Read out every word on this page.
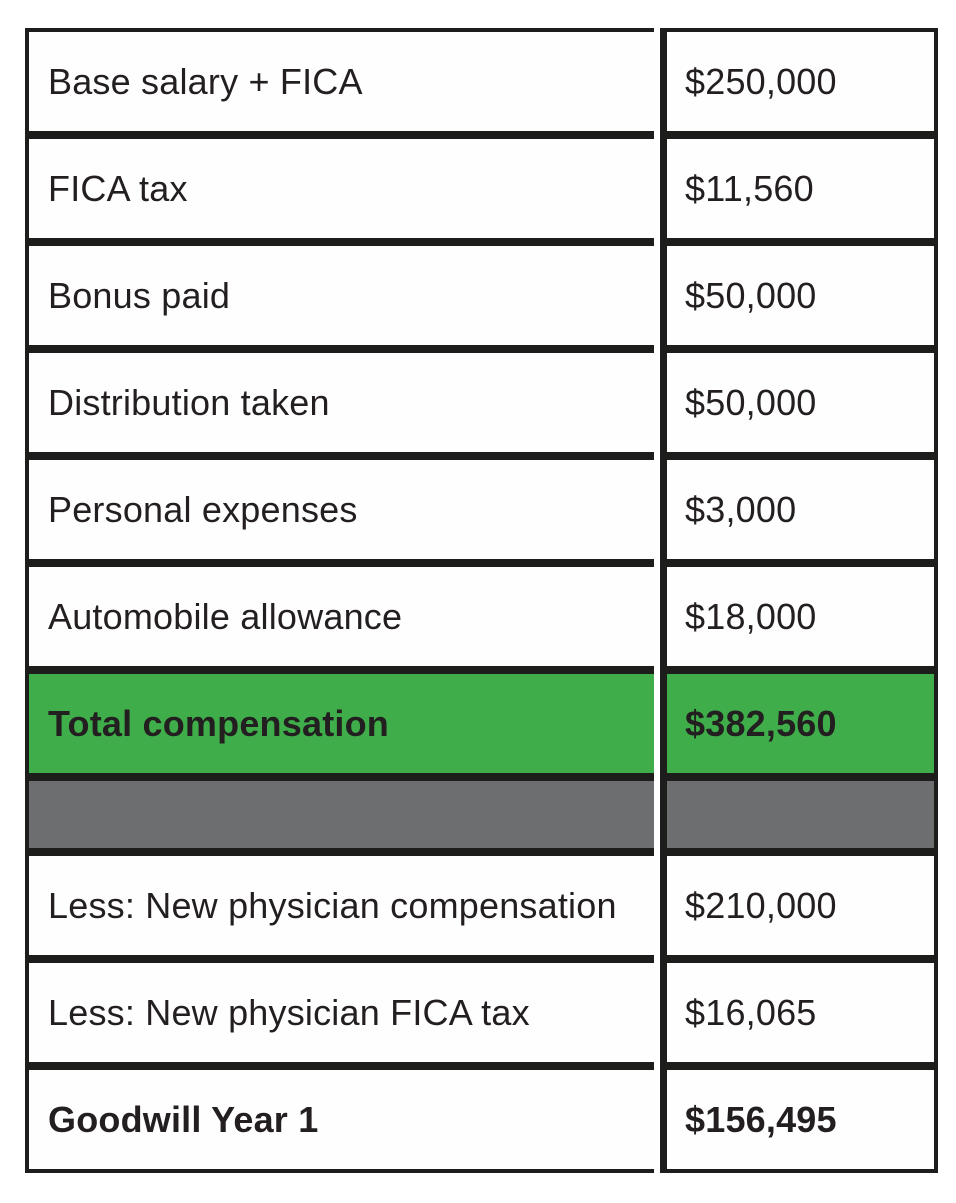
Base salary + FICA	$250,000
FICA tax	$11,560
Bonus paid	$50,000
Distribution taken	$50,000
Personal expenses	$3,000
Automobile allowance	$18,000
Total compensation	$382,560
Less: New physician compensation	$210,000
Less: New physician FICA tax	$16,065
Goodwill Year 1	$156,495
